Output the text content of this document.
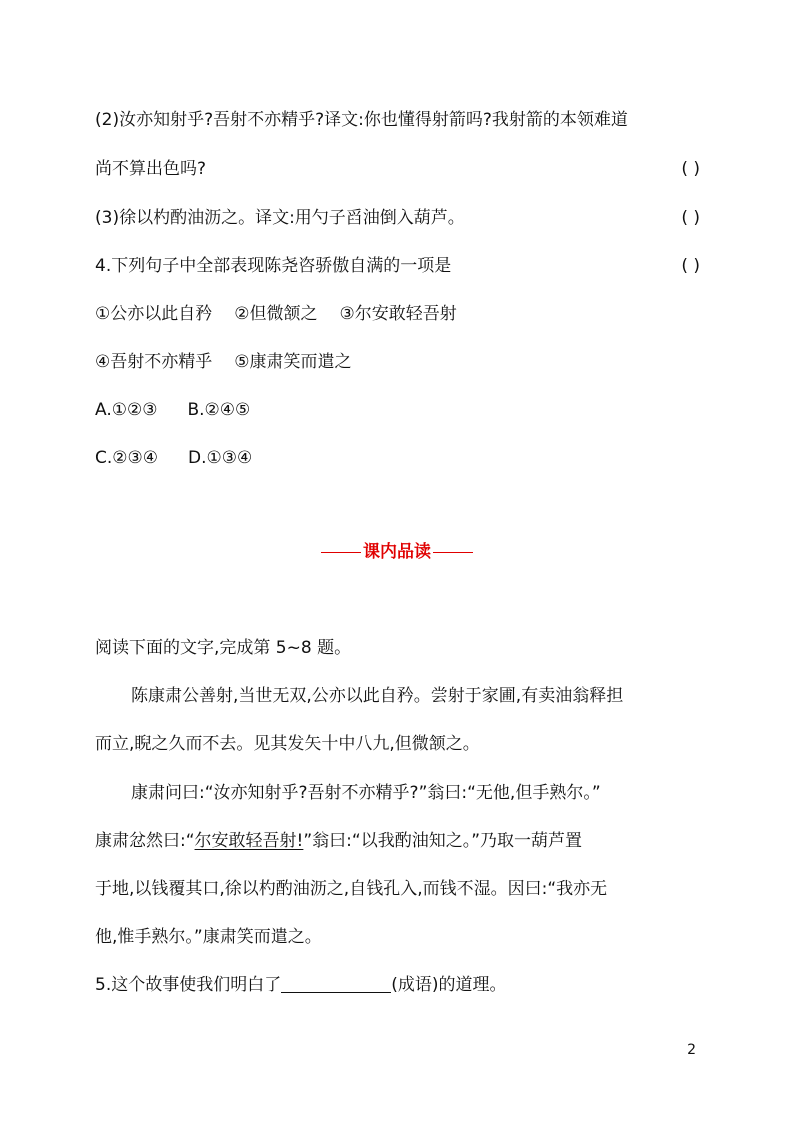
(2)汝亦知射乎?吾射不亦精乎?译文:你也懂得射箭吗?我射箭的本领难道
尚不算出色吗?	( )
(3)徐以杓酌油沥之。译文:用勺子舀油倒入葫芦。	( )
4.下列句子中全部表现陈尧咨骄傲自满的一项是	( )
①公亦以此自矜 ②但微颔之 ③尔安敢轻吾射
④吾射不亦精乎 ⑤康肃笑而遣之
A.①②③ B.②④⑤
C.②③④ D.①③④
课内品读
阅读下面的文字,完成第 5~8 题。
陈康肃公善射,当世无双,公亦以此自矜。尝射于家圃,有卖油翁释担
而立,睨之久而不去。见其发矢十中八九,但微颔之。
康肃问曰:“汝亦知射乎?吾射不亦精乎?”翁曰:“无他,但手熟尔。”
康肃忿然曰:“尔安敢轻吾射!”翁曰:“以我酌油知之。”乃取一葫芦置
于地,以钱覆其口,徐以杓酌油沥之,自钱孔入,而钱不湿。因曰:“我亦无
他,惟手熟尔。”康肃笑而遣之。
5.这个故事使我们明白了	(成语)的道理。
2
